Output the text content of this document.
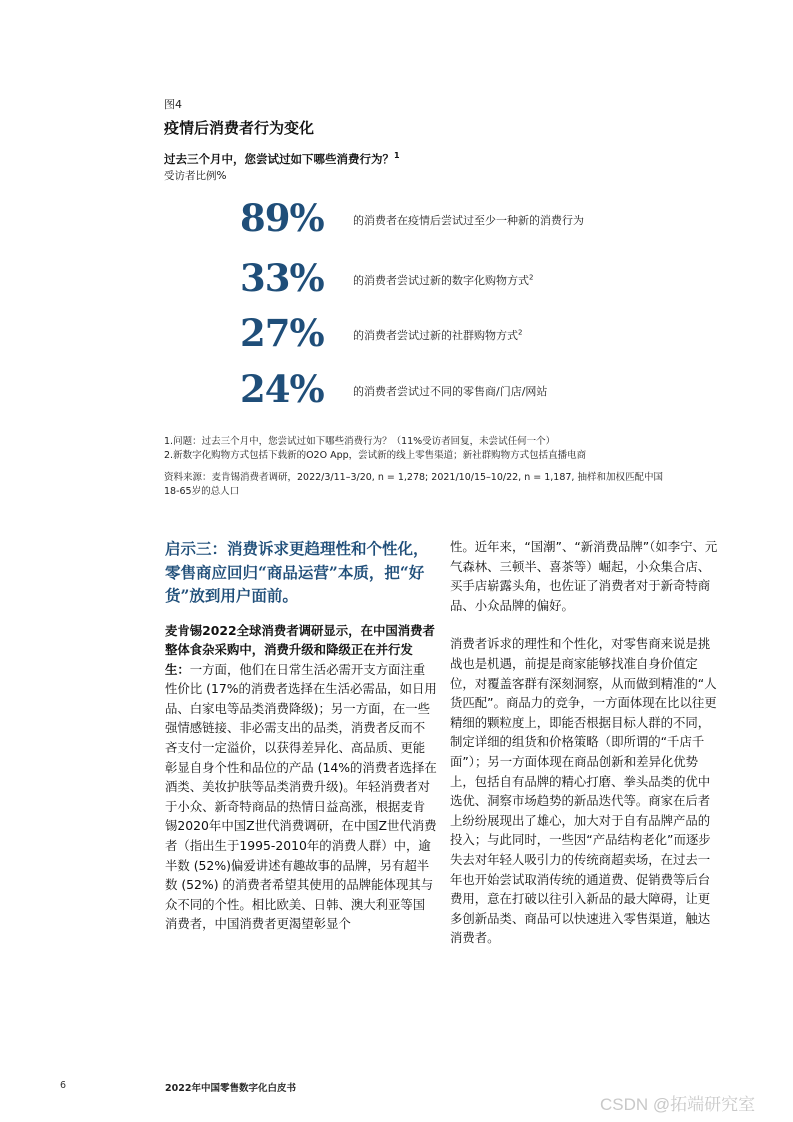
图4
疫情后消费者行为变化
过去三个月中，您尝试过如下哪些消费行为？$^1$
受访者比例%
89%	的消费者在疫情后尝试过至少一种新的消费行为
33%	的消费者尝试过新的数字化购物方式$^2$
27%	的消费者尝试过新的社群购物方式$^2$
24%	的消费者尝试过不同的零售商/门店/网站
1.问题：过去三个月中，您尝试过如下哪些消费行为？（11%受访者回复，未尝试任何一个）
2.新数字化购物方式包括下载新的O2O App，尝试新的线上零售渠道；新社群购物方式包括直播电商
资料来源：麦肯锡消费者调研，2022/3/11–3/20, n = 1,278; 2021/10/15–10/22, n = 1,187, 抽样和加权匹配中国18-65岁的总人口
启示三：消费诉求更趋理性和个性化，零售商应回归“商品运营”本质，把“好货”放到用户面前。

麦肯锡2022全球消费者调研显示，在中国消费者整体食杂采购中，消费升级和降级正在并行发生：一方面，他们在日常生活必需开支方面注重性价比 (17%的消费者选择在生活必需品，如日用品、白家电等品类消费降级)；另一方面，在一些强情感链接、非必需支出的品类，消费者反而不吝支付一定溢价，以获得差异化、高品质、更能彰显自身个性和品位的产品 (14%的消费者选择在酒类、美妆护肤等品类消费升级)。年轻消费者对于小众、新奇特商品的热情日益高涨，根据麦肯锡2020年中国Z世代消费调研，在中国Z世代消费者（指出生于1995-2010年的消费人群）中，逾半数 (52%)偏爱讲述有趣故事的品牌，另有超半数 (52%) 的消费者希望其使用的品牌能体现其与众不同的个性。相比欧美、日韩、澳大利亚等国消费者，中国消费者更渴望彰显个

性。近年来，“国潮”、“新消费品牌”（如李宁、元气森林、三顿半、喜茶等）崛起，小众集合店、买手店崭露头角，也佐证了消费者对于新奇特商品、小众品牌的偏好。

消费者诉求的理性和个性化，对零售商来说是挑战也是机遇，前提是商家能够找准自身价值定位，对覆盖客群有深刻洞察，从而做到精准的“人货匹配”。商品力的竞争，一方面体现在比以往更精细的颗粒度上，即能否根据目标人群的不同，制定详细的组货和价格策略（即所谓的“千店千面”）；另一方面体现在商品创新和差异化优势上，包括自有品牌的精心打磨、拳头品类的优中选优、洞察市场趋势的新品迭代等。商家在后者上纷纷展现出了雄心，加大对于自有品牌产品的投入；与此同时，一些因“产品结构老化”而逐步失去对年轻人吸引力的传统商超卖场，在过去一年也开始尝试取消传统的通道费、促销费等后台费用，意在打破以往引入新品的最大障碍，让更多创新品类、商品可以快速进入零售渠道，触达消费者。

6	2022年中国零售数字化白皮书
CSDN @拓端研究室
